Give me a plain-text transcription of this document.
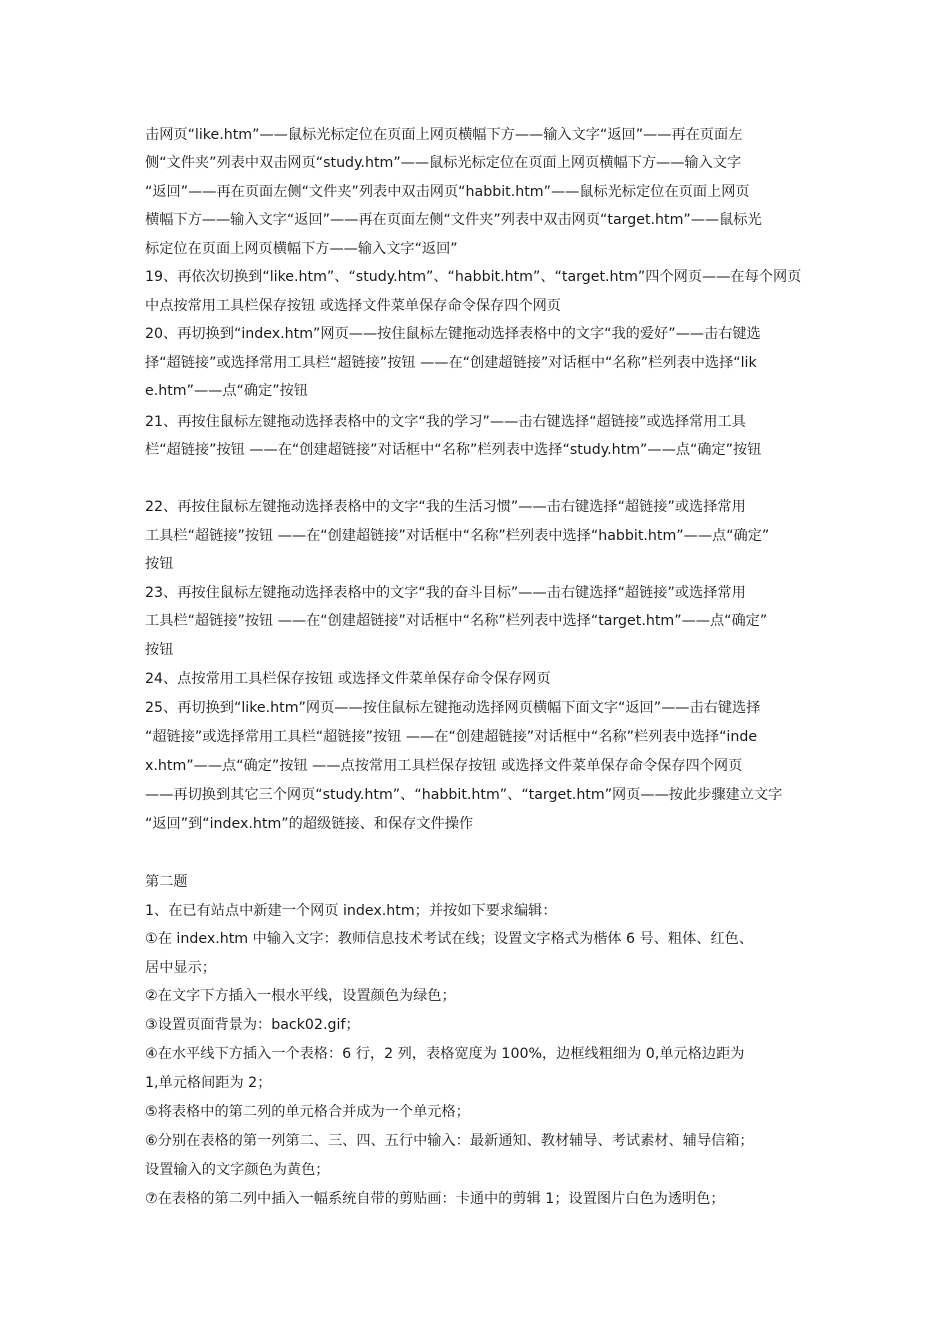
击网页“like.htm”——鼠标光标定位在页面上网页横幅下方——输入文字“返回”——再在页面左
侧“文件夹”列表中双击网页“study.htm”——鼠标光标定位在页面上网页横幅下方——输入文字
“返回”——再在页面左侧“文件夹”列表中双击网页“habbit.htm”——鼠标光标定位在页面上网页
横幅下方——输入文字“返回”——再在页面左侧“文件夹”列表中双击网页“target.htm”——鼠标光
标定位在页面上网页横幅下方——输入文字“返回”
19、再依次切换到“like.htm”、“study.htm”、“habbit.htm”、“target.htm”四个网页——在每个网页
中点按常用工具栏保存按钮 或选择文件菜单保存命令保存四个网页
20、再切换到“index.htm”网页——按住鼠标左键拖动选择表格中的文字“我的爱好”——击右键选
择“超链接”或选择常用工具栏“超链接”按钮 ——在“创建超链接”对话框中“名称”栏列表中选择“lik
e.htm”——点“确定”按钮
21、再按住鼠标左键拖动选择表格中的文字“我的学习”——击右键选择“超链接”或选择常用工具
栏“超链接”按钮 ——在“创建超链接”对话框中“名称”栏列表中选择“study.htm”——点“确定”按钮
22、再按住鼠标左键拖动选择表格中的文字“我的生活习惯”——击右键选择“超链接”或选择常用
工具栏“超链接”按钮 ——在“创建超链接”对话框中“名称”栏列表中选择“habbit.htm”——点“确定”
按钮
23、再按住鼠标左键拖动选择表格中的文字“我的奋斗目标”——击右键选择“超链接”或选择常用
工具栏“超链接”按钮 ——在“创建超链接”对话框中“名称”栏列表中选择“target.htm”——点“确定”
按钮
24、点按常用工具栏保存按钮 或选择文件菜单保存命令保存网页
25、再切换到“like.htm”网页——按住鼠标左键拖动选择网页横幅下面文字“返回”——击右键选择
“超链接”或选择常用工具栏“超链接”按钮 ——在“创建超链接”对话框中“名称”栏列表中选择“inde
x.htm”——点“确定”按钮 ——点按常用工具栏保存按钮 或选择文件菜单保存命令保存四个网页
——再切换到其它三个网页“study.htm”、“habbit.htm”、“target.htm”网页——按此步骤建立文字
“返回”到“index.htm”的超级链接、和保存文件操作
第二题
1、在已有站点中新建一个网页 index.htm；并按如下要求编辑：
①在 index.htm 中输入文字：教师信息技术考试在线；设置文字格式为楷体 6 号、粗体、红色、
居中显示；
②在文字下方插入一根水平线，设置颜色为绿色；
③设置页面背景为：back02.gif；
④在水平线下方插入一个表格：6 行，2 列，表格宽度为 100%，边框线粗细为 0,单元格边距为
1,单元格间距为 2；
⑤将表格中的第二列的单元格合并成为一个单元格；
⑥分别在表格的第一列第二、三、四、五行中输入：最新通知、教材辅导、考试素材、辅导信箱；
设置输入的文字颜色为黄色；
⑦在表格的第二列中插入一幅系统自带的剪贴画：卡通中的剪辑 1；设置图片白色为透明色；
